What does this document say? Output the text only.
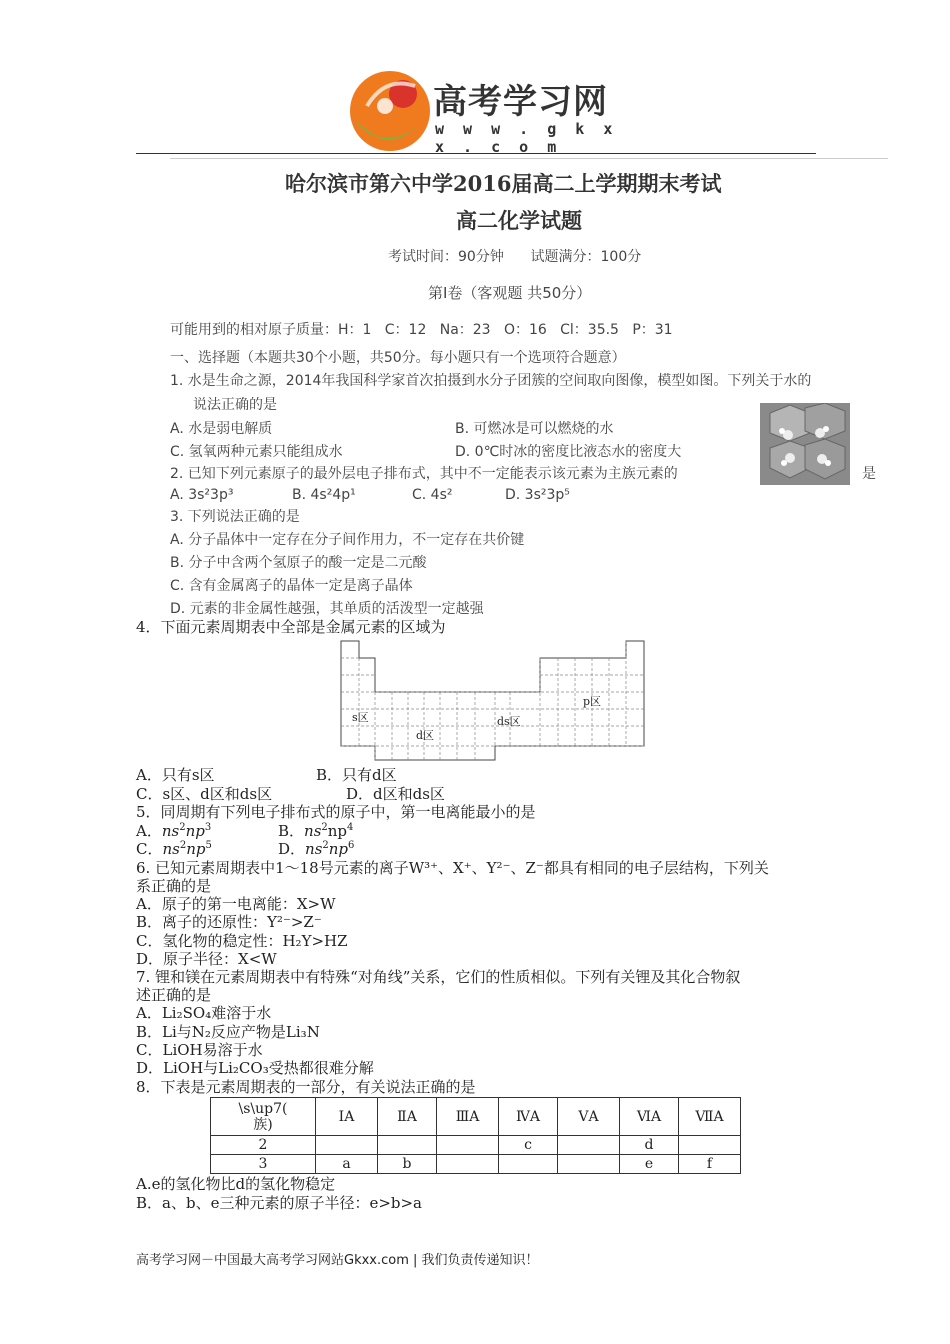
高考学习网
w w w . g k x x . c o m
哈尔滨市第六中学2016届高二上学期期末考试
高二化学试题
考试时间：90分钟      试题满分：100分
第Ⅰ卷（客观题 共50分）
可能用到的相对原子质量：H：1   C：12   Na：23   O：16   Cl：35.5   P：31
一、选择题（本题共30个小题，共50分。每小题只有一个选项符合题意）
1. 水是生命之源，2014年我国科学家首次拍摄到水分子团簇的空间取向图像，模型如图。下列关于水的
说法正确的是
A. 水是弱电解质	B. 可燃冰是可以燃烧的水
C. 氢氧两种元素只能组成水	D. 0℃时冰的密度比液态水的密度大
2. 已知下列元素原子的最外层电子排布式，其中不一定能表示该元素为主族元素的	是
A. 3s²3p³	B. 4s²4p¹	C. 4s²	D. 3s²3p⁵
3. 下列说法正确的是
A. 分子晶体中一定存在分子间作用力，不一定存在共价键
B. 分子中含两个氢原子的酸一定是二元酸
C. 含有金属离子的晶体一定是离子晶体
D. 元素的非金属性越强，其单质的活泼型一定越强
4．下面元素周期表中全部是金属元素的区域为
s区
d区
ds区
p区
A．只有s区	B．只有d区
C．s区、d区和ds区	D．d区和ds区
5．同周期有下列电子排布式的原子中，第一电离能最小的是
A．$ns^2np^3$	B．$ns^2np^4$
C．$ns^2np^5$	D．$ns^2np^6$
6. 已知元素周期表中1～18号元素的离子W³⁺、X⁺、Y²⁻、Z⁻都具有相同的电子层结构，下列关
系正确的是
A．原子的第一电离能：X>W
B．离子的还原性：Y²⁻>Z⁻
C．氢化物的稳定性：H₂Y>HZ
D．原子半径：X<W
7. 锂和镁在元素周期表中有特殊“对角线”关系，它们的性质相似。下列有关锂及其化合物叙
述正确的是
A．Li₂SO₄难溶于水
B．Li与N₂反应产物是Li₃N
C．LiOH易溶于水
D．LiOH与Li₂CO₃受热都很难分解
8．下表是元素周期表的一部分，有关说法正确的是
\s\up7(
族)	ⅠA	ⅡA	ⅢA	ⅣA	ⅤA	ⅥA	ⅦA
2				c		d	
3	a	b				e	f
A.e的氢化物比d的氢化物稳定
B．a、b、e三种元素的原子半径：e>b>a
高考学习网－中国最大高考学习网站Gkxx.com | 我们负责传递知识！
